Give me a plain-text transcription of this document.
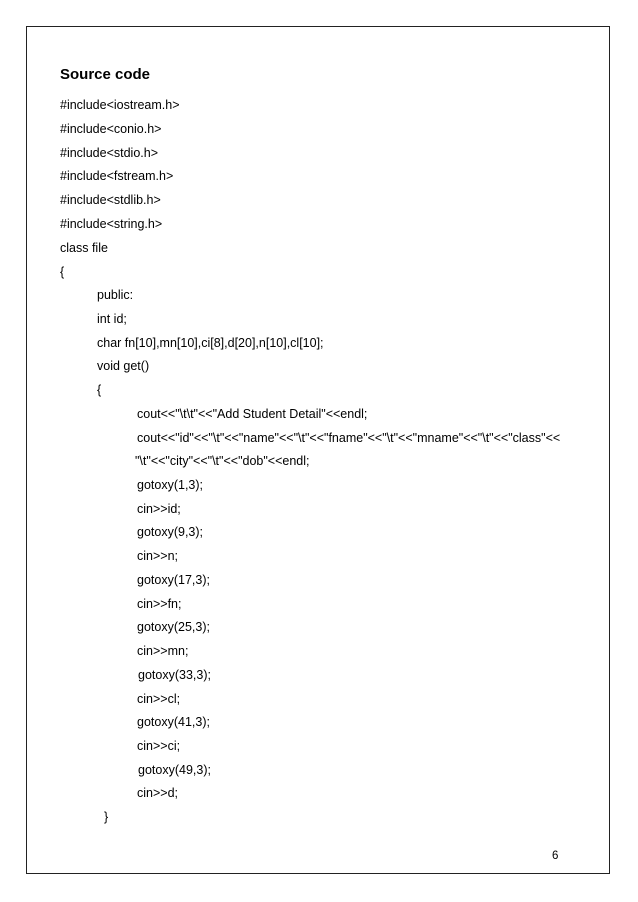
Source code
#include<iostream.h>
#include<conio.h>
#include<stdio.h>
#include<fstream.h>
#include<stdlib.h>
#include<string.h>
class file
{
public:
int id;
char fn[10],mn[10],ci[8],d[20],n[10],cl[10];
void get()
{
cout<<"\t\t"<<"Add Student Detail"<<endl;
cout<<"id"<<"\t"<<"name"<<"\t"<<"fname"<<"\t"<<"mname"<<"\t"<<"class"<<
"\t"<<"city"<<"\t"<<"dob"<<endl;
gotoxy(1,3);
cin>>id;
gotoxy(9,3);
cin>>n;
gotoxy(17,3);
cin>>fn;
gotoxy(25,3);
cin>>mn;
gotoxy(33,3);
cin>>cl;
gotoxy(41,3);
cin>>ci;
gotoxy(49,3);
cin>>d;
}
6
